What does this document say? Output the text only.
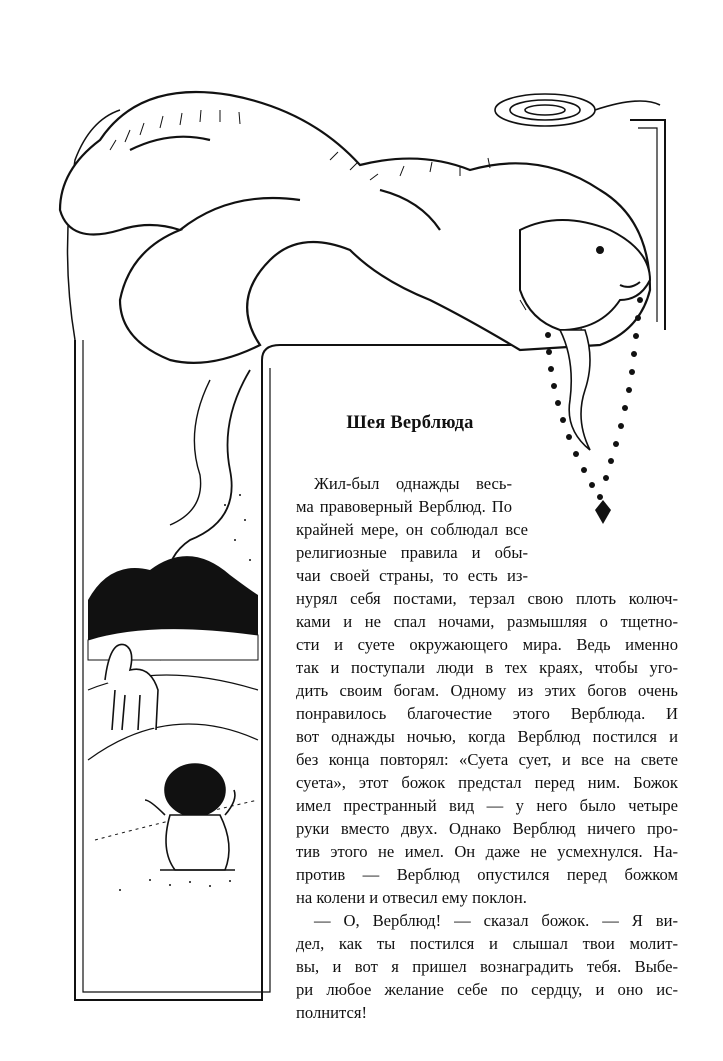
Шея Верблюда
Жил-был однажды весь-
ма правоверный Верблюд. По
крайней мере, он соблюдал все
религиозные правила и обы-
чаи своей страны, то есть из-
нурял себя постами, терзал свою плоть колюч-
ками и не спал ночами, размышляя о тщетно-
сти и суете окружающего мира. Ведь именно
так и поступали люди в тех краях, чтобы уго-
дить своим богам. Одному из этих богов очень
понравилось благочестие этого Верблюда. И
вот однажды ночью, когда Верблюд постился и
без конца повторял: «Суета сует, и все на свете
суета», этот божок предстал перед ним. Божок
имел престранный вид — у него было четыре
руки вместо двух. Однако Верблюд ничего про-
тив этого не имел. Он даже не усмехнулся. На-
против — Верблюд опустился перед божком
на колени и отвесил ему поклон.
— О, Верблюд! — сказал божок. — Я ви-
дел, как ты постился и слышал твои молит-
вы, и вот я пришел вознаградить тебя. Выбе-
ри любое желание себе по сердцу, и оно ис-
полнится!
